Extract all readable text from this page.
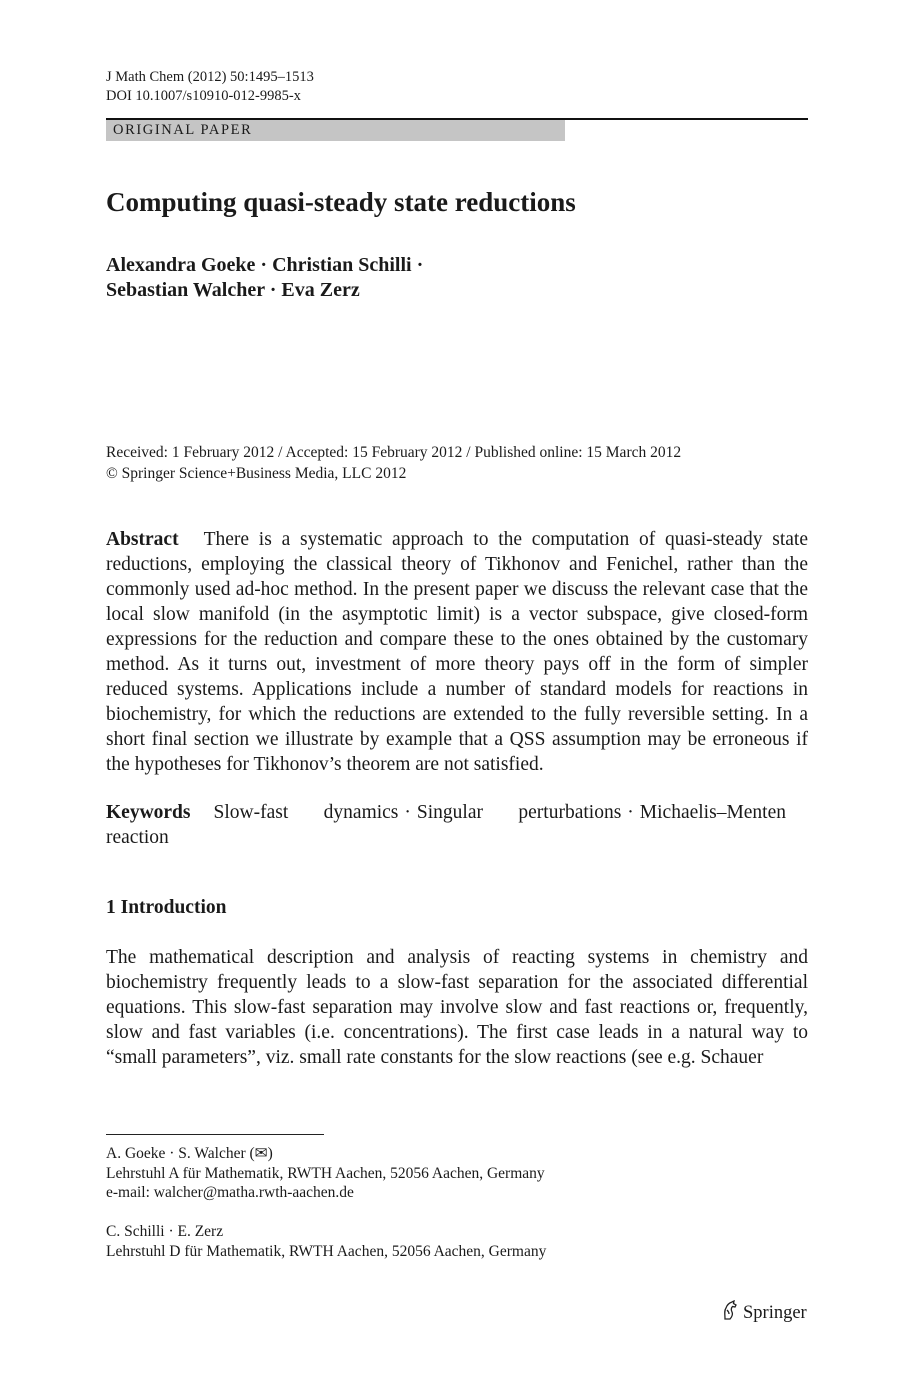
J Math Chem (2012) 50:1495–1513
DOI 10.1007/s10910-012-9985-x
ORIGINAL PAPER
Computing quasi-steady state reductions
Alexandra Goeke · Christian Schilli ·
Sebastian Walcher · Eva Zerz
Received: 1 February 2012 / Accepted: 15 February 2012 / Published online: 15 March 2012
© Springer Science+Business Media, LLC 2012
Abstract There is a systematic approach to the computation of quasi-steady state reductions, employing the classical theory of Tikhonov and Fenichel, rather than the commonly used ad-hoc method. In the present paper we discuss the relevant case that the local slow manifold (in the asymptotic limit) is a vector subspace, give closed-form expressions for the reduction and compare these to the ones obtained by the customary method. As it turns out, investment of more theory pays off in the form of simpler reduced systems. Applications include a number of standard models for reactions in biochemistry, for which the reductions are extended to the fully reversible setting. In a short final section we illustrate by example that a QSS assumption may be erroneous if the hypotheses for Tikhonov’s theorem are not satisfied.
Keywords Slow-fast dynamics · Singular perturbations · Michaelis–Menten reaction
1 Introduction
The mathematical description and analysis of reacting systems in chemistry and biochemistry frequently leads to a slow-fast separation for the associated differential equations. This slow-fast separation may involve slow and fast reactions or, frequently, slow and fast variables (i.e. concentrations). The first case leads in a natural way to “small parameters”, viz. small rate constants for the slow reactions (see e.g. Schauer
A. Goeke · S. Walcher (✉)
Lehrstuhl A für Mathematik, RWTH Aachen, 52056 Aachen, Germany
e-mail: walcher@matha.rwth-aachen.de
C. Schilli · E. Zerz
Lehrstuhl D für Mathematik, RWTH Aachen, 52056 Aachen, Germany
Springer
